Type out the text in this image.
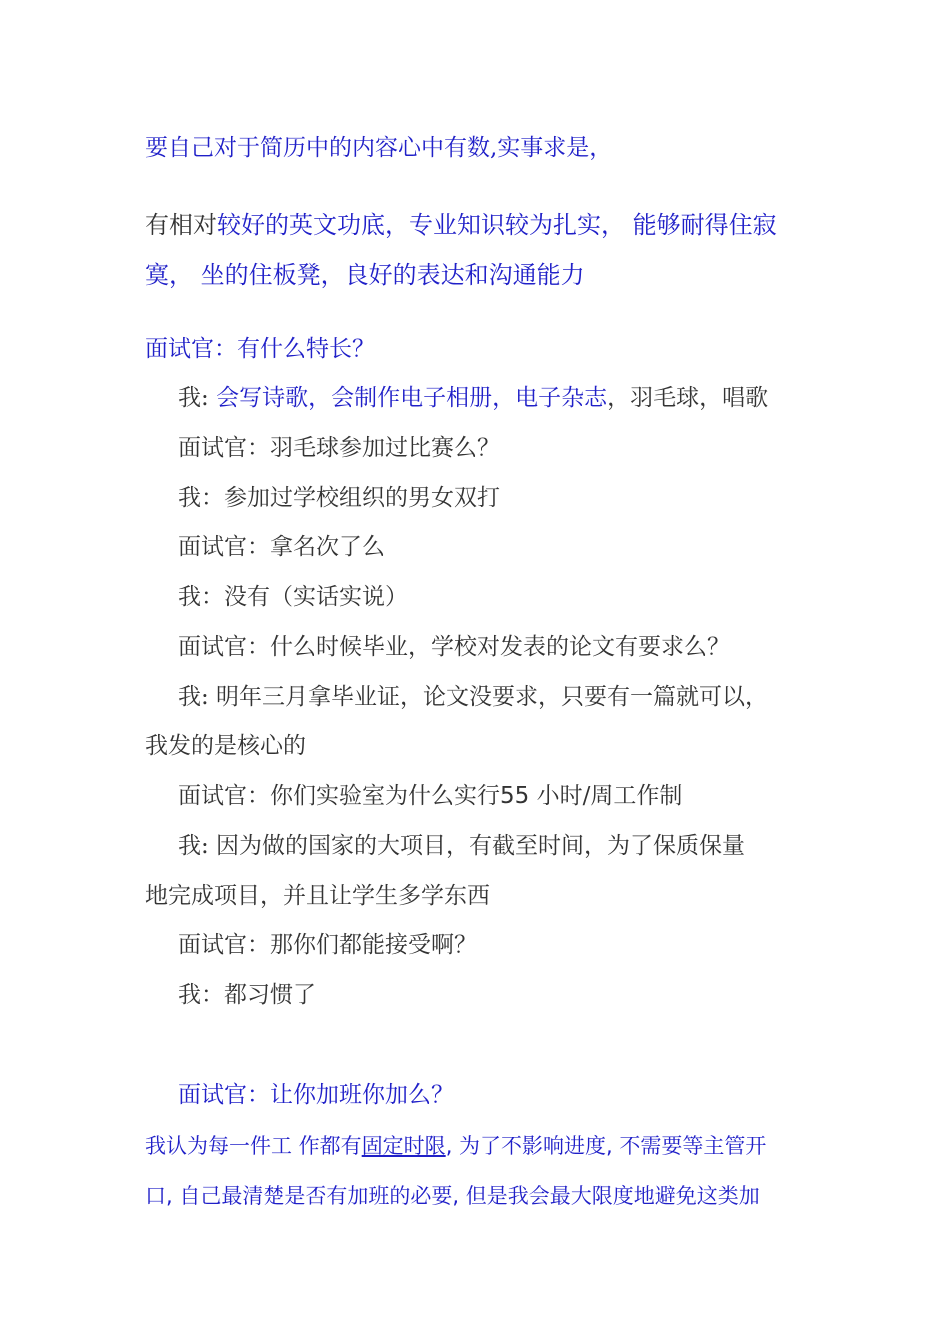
要自己对于简历中的内容心中有数,实事求是，
有相对较好的英文功底，专业知识较为扎实， 能够耐得住寂
寞， 坐的住板凳，良好的表达和沟通能力
面试官：有什么特长？
我: 会写诗歌，会制作电子相册，电子杂志，羽毛球，唱歌
面试官：羽毛球参加过比赛么？
我：参加过学校组织的男女双打
面试官：拿名次了么
我：没有（实话实说）
面试官：什么时候毕业，学校对发表的论文有要求么？
我: 明年三月拿毕业证，论文没要求，只要有一篇就可以，
我发的是核心的
面试官：你们实验室为什么实行55 小时/周工作制
我: 因为做的国家的大项目，有截至时间，为了保质保量
地完成项目，并且让学生多学东西
面试官：那你们都能接受啊？
我：都习惯了
面试官：让你加班你加么？
我认为每一件工 作都有固定时限, 为了不影响进度, 不需要等主管开
口, 自己最清楚是否有加班的必要, 但是我会最大限度地避免这类加
